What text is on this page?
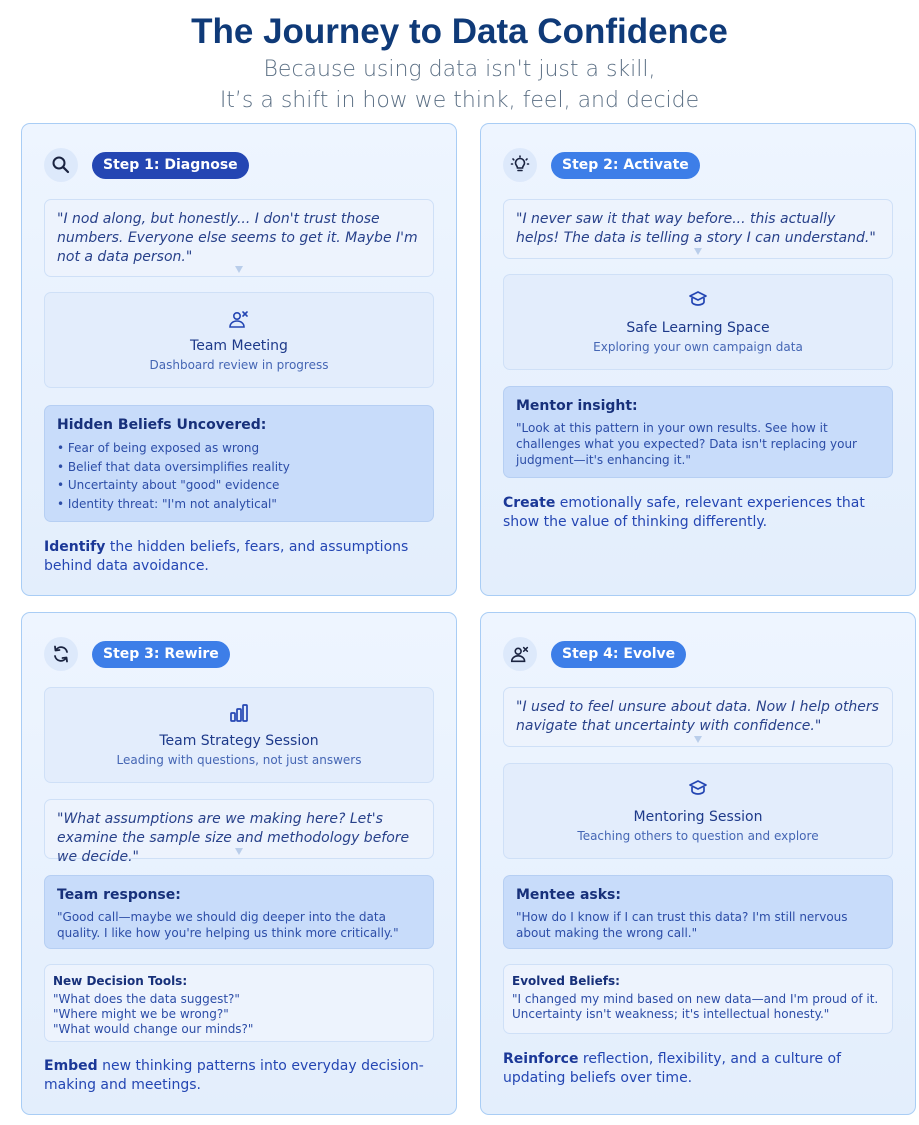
The Journey to Data Confidence
Because using data isn't just a skill,
It’s a shift in how we think, feel, and decide
Step 1: Diagnose
"I nod along, but honestly... I don't trust those numbers. Everyone else seems to get it. Maybe I'm not a data person."
Team Meeting
Dashboard review in progress
Hidden Beliefs Uncovered:
• Fear of being exposed as wrong
• Belief that data oversimplifies reality
• Uncertainty about "good" evidence
• Identity threat: "I'm not analytical"
Identify the hidden beliefs, fears, and assumptions behind data avoidance.
Step 2: Activate
"I never saw it that way before... this actually helps! The data is telling a story I can understand."
Safe Learning Space
Exploring your own campaign data
Mentor insight:
"Look at this pattern in your own results. See how it challenges what you expected? Data isn't replacing your judgment—it's enhancing it."
Create emotionally safe, relevant experiences that show the value of thinking differently.
Step 3: Rewire
Team Strategy Session
Leading with questions, not just answers
"What assumptions are we making here? Let's examine the sample size and methodology before we decide."
Team response:
"Good call—maybe we should dig deeper into the data quality. I like how you're helping us think more critically."
New Decision Tools:
"What does the data suggest?"
"Where might we be wrong?"
"What would change our minds?"
Embed new thinking patterns into everyday decision-making and meetings.
Step 4: Evolve
"I used to feel unsure about data. Now I help others navigate that uncertainty with confidence."
Mentoring Session
Teaching others to question and explore
Mentee asks:
"How do I know if I can trust this data? I'm still nervous about making the wrong call."
Evolved Beliefs:
"I changed my mind based on new data—and I'm proud of it. Uncertainty isn't weakness; it's intellectual honesty."
Reinforce reflection, flexibility, and a culture of updating beliefs over time.
